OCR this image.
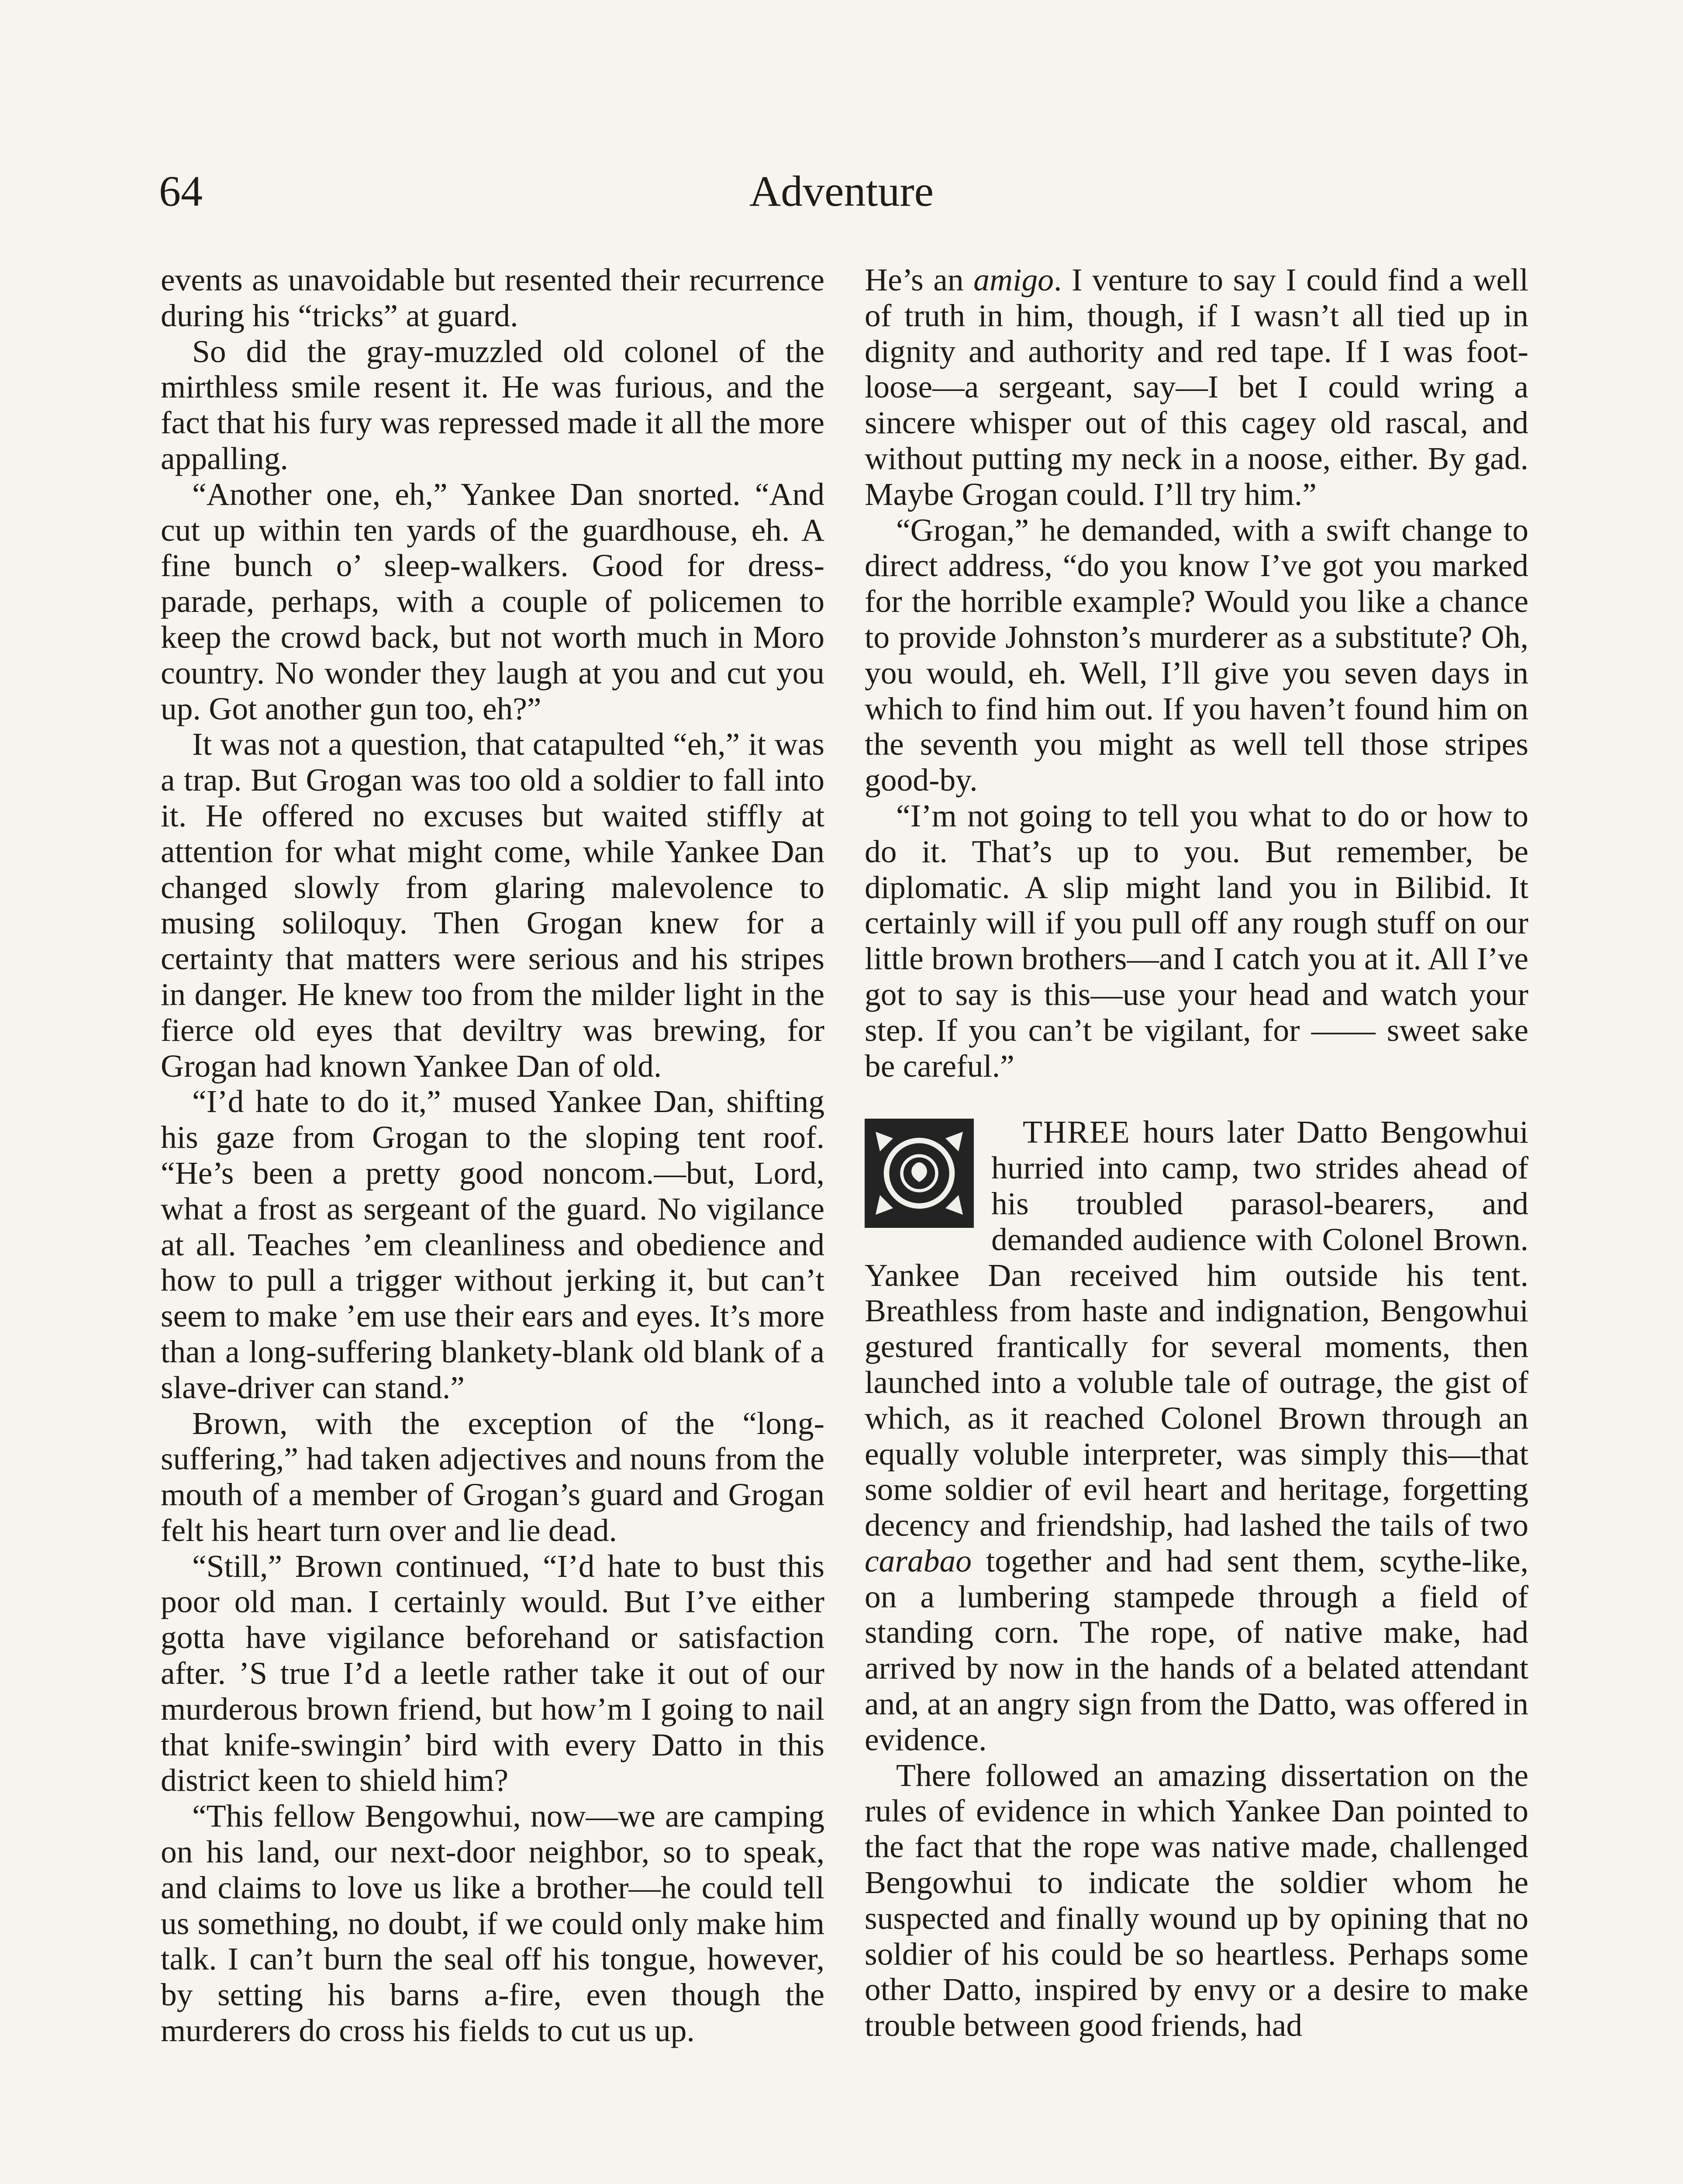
64	Adventure

events as unavoidable but resented their recurrence during his “tricks” at guard.

So did the gray-muzzled old colonel of the mirthless smile resent it. He was furious, and the fact that his fury was repressed made it all the more appalling.

“Another one, eh,” Yankee Dan snorted. “And cut up within ten yards of the guardhouse, eh. A fine bunch o’ sleep-walkers. Good for dress-parade, perhaps, with a couple of policemen to keep the crowd back, but not worth much in Moro country. No wonder they laugh at you and cut you up. Got another gun too, eh?”

It was not a question, that catapulted “eh,” it was a trap. But Grogan was too old a soldier to fall into it. He offered no excuses but waited stiffly at attention for what might come, while Yankee Dan changed slowly from glaring malevolence to musing soliloquy. Then Grogan knew for a certainty that matters were serious and his stripes in danger. He knew too from the milder light in the fierce old eyes that deviltry was brewing, for Grogan had known Yankee Dan of old.

“I’d hate to do it,” mused Yankee Dan, shifting his gaze from Grogan to the sloping tent roof. “He’s been a pretty good noncom.—but, Lord, what a frost as sergeant of the guard. No vigilance at all. Teaches ’em cleanliness and obedience and how to pull a trigger without jerking it, but can’t seem to make ’em use their ears and eyes. It’s more than a long-suffering blankety-blank old blank of a slave-driver can stand.”

Brown, with the exception of the “long-suffering,” had taken adjectives and nouns from the mouth of a member of Grogan’s guard and Grogan felt his heart turn over and lie dead.

“Still,” Brown continued, “I’d hate to bust this poor old man. I certainly would. But I’ve either gotta have vigilance beforehand or satisfaction after. ’S true I’d a leetle rather take it out of our murderous brown friend, but how’m I going to nail that knife-swingin’ bird with every Datto in this district keen to shield him?

“This fellow Bengowhui, now—we are camping on his land, our next-door neighbor, so to speak, and claims to love us like a brother—he could tell us something, no doubt, if we could only make him talk. I can’t burn the seal off his tongue, however, by setting his barns a-fire, even though the murderers do cross his fields to cut us up.

He’s an amigo. I venture to say I could find a well of truth in him, though, if I wasn’t all tied up in dignity and authority and red tape. If I was foot-loose—a sergeant, say—I bet I could wring a sincere whisper out of this cagey old rascal, and without putting my neck in a noose, either. By gad. Maybe Grogan could. I’ll try him.”

“Grogan,” he demanded, with a swift change to direct address, “do you know I’ve got you marked for the horrible example? Would you like a chance to provide Johnston’s murderer as a substitute? Oh, you would, eh. Well, I’ll give you seven days in which to find him out. If you haven’t found him on the seventh you might as well tell those stripes good-by.

“I’m not going to tell you what to do or how to do it. That’s up to you. But remember, be diplomatic. A slip might land you in Bilibid. It certainly will if you pull off any rough stuff on our little brown brothers—and I catch you at it. All I’ve got to say is this—use your head and watch your step. If you can’t be vigilant, for —— sweet sake be careful.”

THREE hours later Datto Bengowhui hurried into camp, two strides ahead of his troubled parasol-bearers, and demanded audience with Colonel Brown. Yankee Dan received him outside his tent. Breathless from haste and indignation, Bengowhui gestured frantically for several moments, then launched into a voluble tale of outrage, the gist of which, as it reached Colonel Brown through an equally voluble interpreter, was simply this—that some soldier of evil heart and heritage, forgetting decency and friendship, had lashed the tails of two carabao together and had sent them, scythe-like, on a lumbering stampede through a field of standing corn. The rope, of native make, had arrived by now in the hands of a belated attendant and, at an angry sign from the Datto, was offered in evidence.

There followed an amazing dissertation on the rules of evidence in which Yankee Dan pointed to the fact that the rope was native made, challenged Bengowhui to indicate the soldier whom he suspected and finally wound up by opining that no soldier of his could be so heartless. Perhaps some other Datto, inspired by envy or a desire to make trouble between good friends, had
